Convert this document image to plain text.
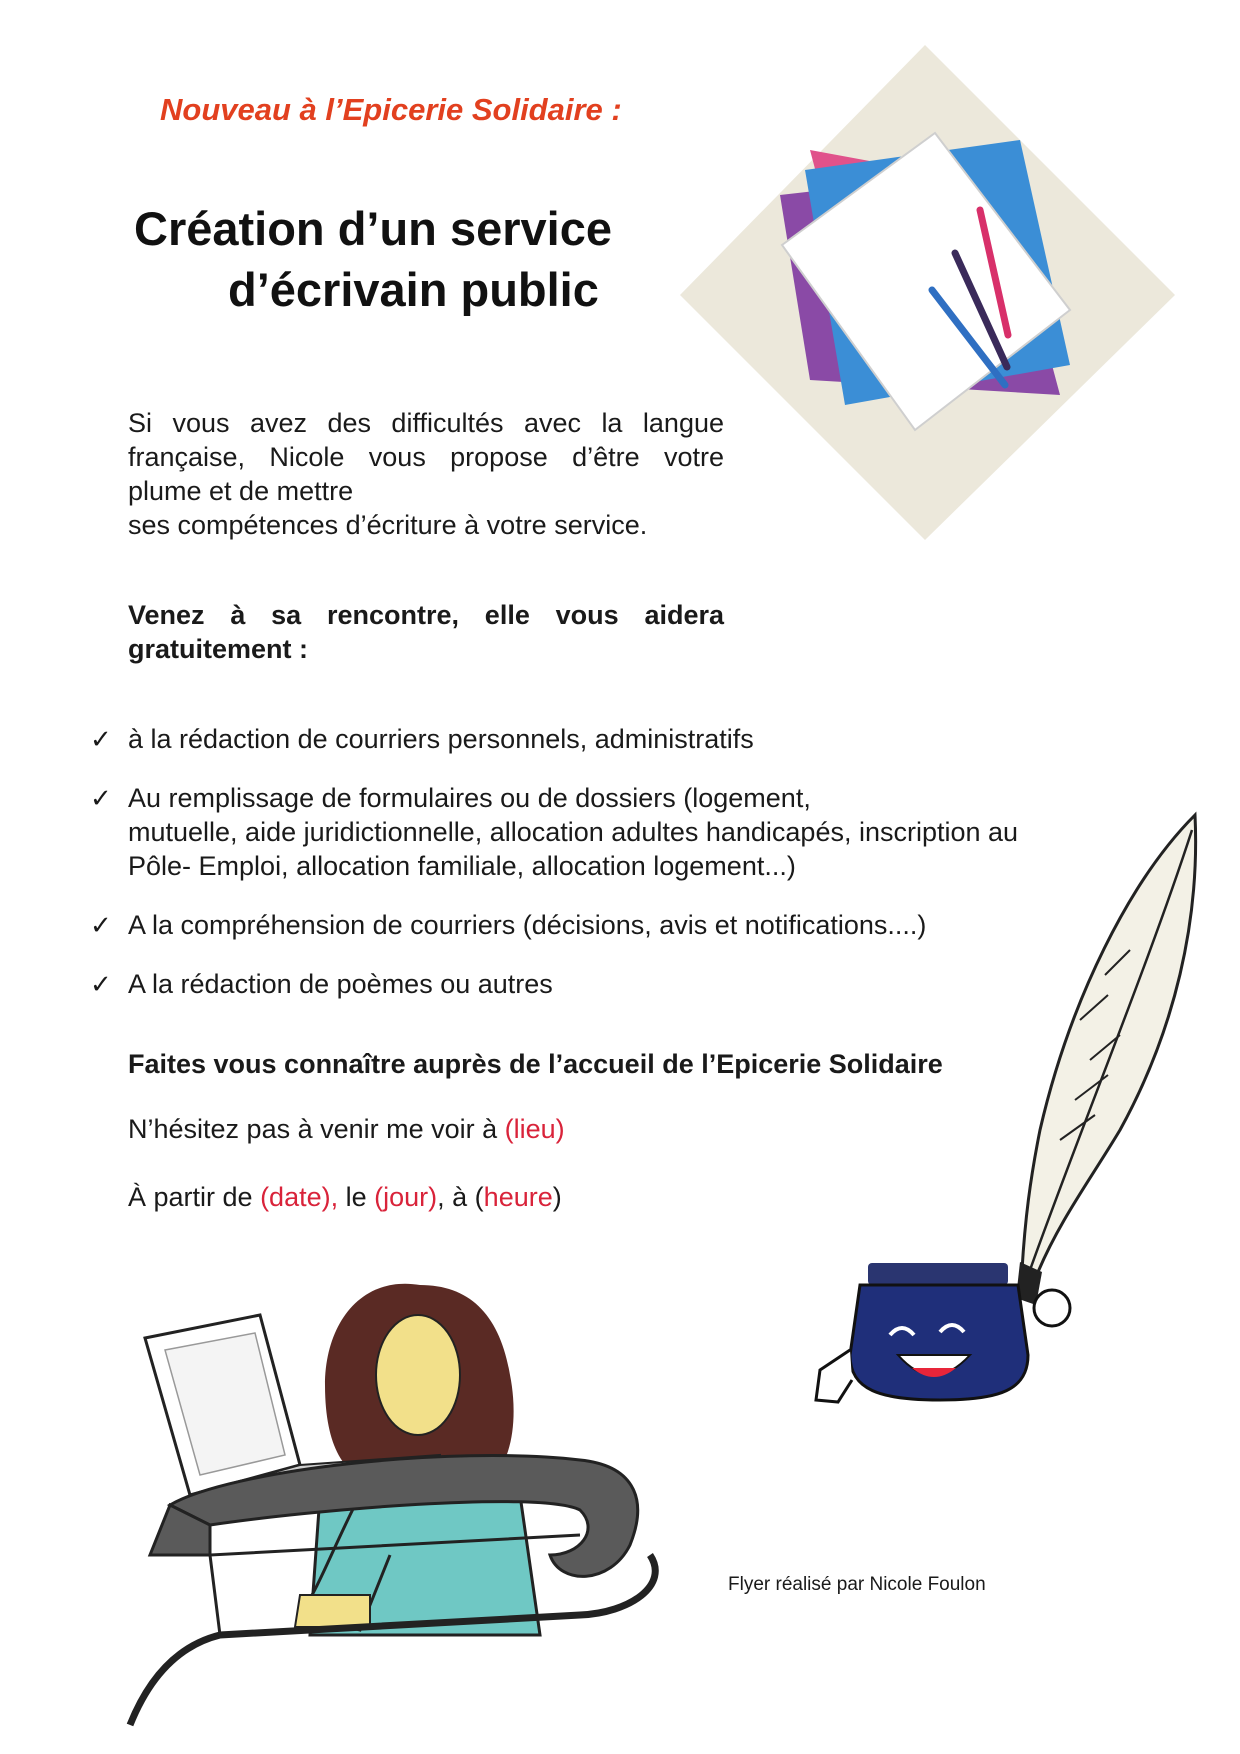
Nouveau à l’Epicerie Solidaire :
Création d’un service
d’écrivain public
Si vous avez des difficultés avec la langue
française, Nicole vous propose d’être votre
plume et de mettre
ses compétences d’écriture à votre service.
Venez à sa rencontre, elle vous aidera
gratuitement :
✓ à la rédaction de courriers personnels, administratifs
✓ Au remplissage de formulaires ou de dossiers (logement,
mutuelle, aide juridictionnelle, allocation adultes handicapés, inscription au
Pôle- Emploi, allocation familiale, allocation logement...)
✓ A la compréhension de courriers (décisions, avis et notifications....)
✓ A la rédaction de poèmes ou autres
Faites vous connaître auprès de l’accueil de l’Epicerie Solidaire
N’hésitez pas à venir me voir à (lieu)
À partir de (date), le (jour), à (heure)
Flyer réalisé par Nicole Foulon
